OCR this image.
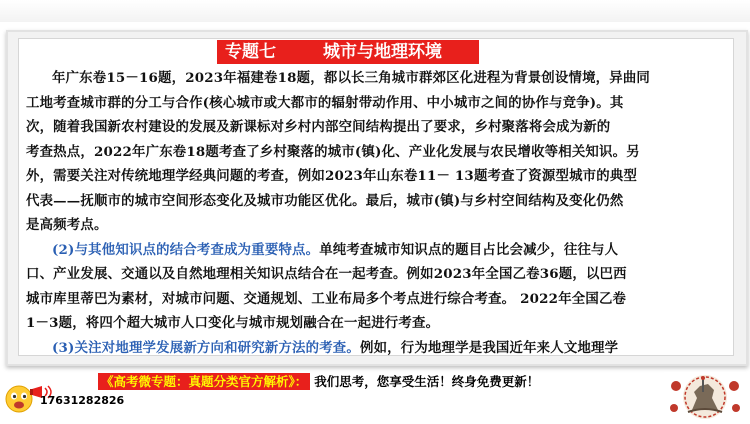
专题七	城市与地理环境

年广东卷15－16题，2023年福建卷18题，都以长三角城市群郊区化进程为背景创设情境，异曲同
工地考查城市群的分工与合作(核心城市或大都市的辐射带动作用、中小城市之间的协作与竞争)。其
次，随着我国新农村建设的发展及新课标对乡村内部空间结构提出了要求，乡村聚落将会成为新的
考查热点，2022年广东卷18题考查了乡村聚落的城市(镇)化、产业化发展与农民增收等相关知识。另
外，需要关注对传统地理学经典问题的考查，例如2023年山东卷11－ 13题考查了资源型城市的典型
代表——抚顺市的城市空间形态变化及城市功能区优化。最后，城市(镇)与乡村空间结构及变化仍然
是高频考点。

(2)与其他知识点的结合考查成为重要特点。单纯考查城市知识点的题目占比会减少，往往与人
口、产业发展、交通以及自然地理相关知识点结合在一起考查。例如2023年全国乙卷36题，以巴西
城市库里蒂巴为素材，对城市问题、交通规划、工业布局多个考点进行综合考查。 2022年全国乙卷
1－3题，将四个超大城市人口变化与城市规划融合在一起进行考查。

(3)关注对地理学发展新方向和研究新方法的考查。例如，行为地理学是我国近年来人文地理学

《高考微专题：真题分类官方解析》： 我们思考，您享受生活！终身免费更新！
17631282826
